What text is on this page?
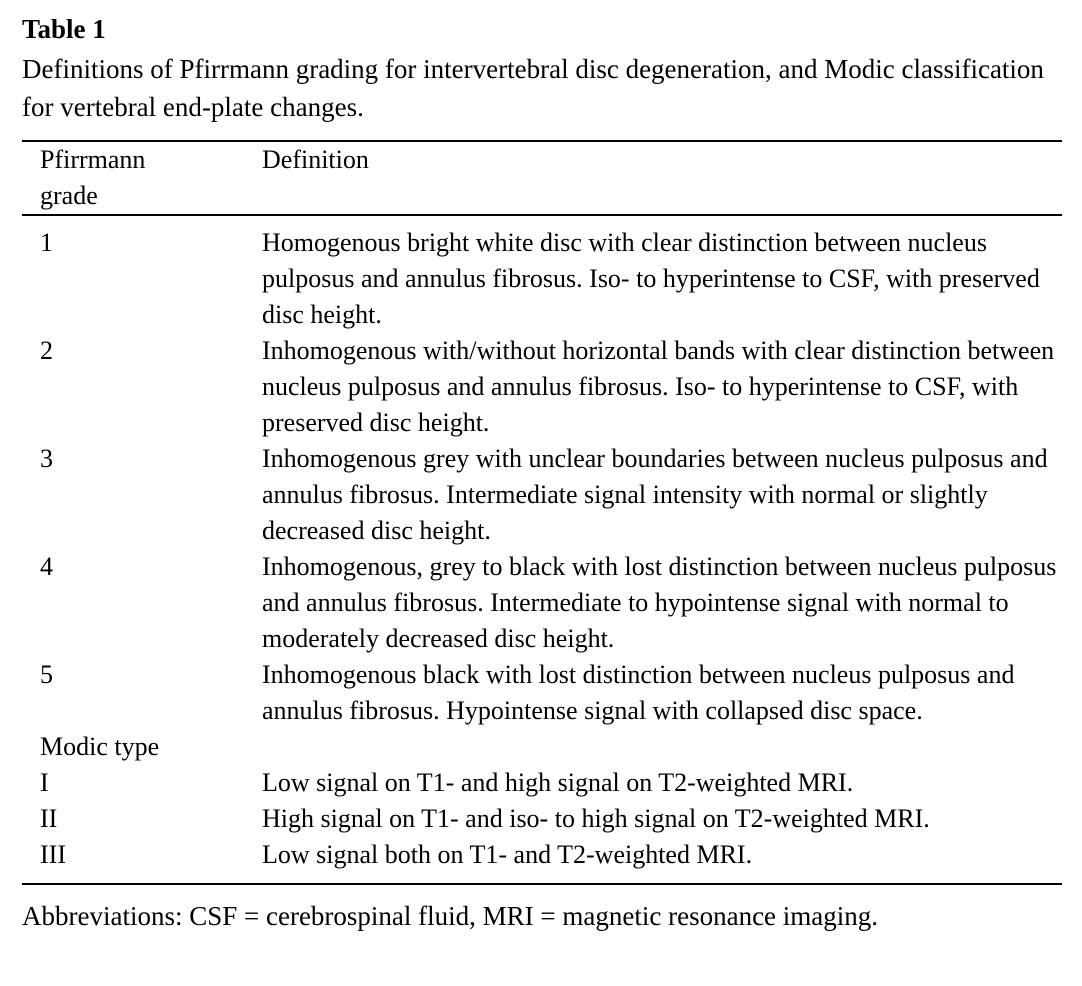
Table 1
Definitions of Pfirrmann grading for intervertebral disc degeneration, and Modic classification for vertebral end-plate changes.
Pfirrmann grade	Definition
1	Homogenous bright white disc with clear distinction between nucleus pulposus and annulus fibrosus. Iso- to hyperintense to CSF, with preserved disc height.
2	Inhomogenous with/without horizontal bands with clear distinction between nucleus pulposus and annulus fibrosus. Iso- to hyperintense to CSF, with preserved disc height.
3	Inhomogenous grey with unclear boundaries between nucleus pulposus and annulus fibrosus. Intermediate signal intensity with normal or slightly decreased disc height.
4	Inhomogenous, grey to black with lost distinction between nucleus pulposus and annulus fibrosus. Intermediate to hypointense signal with normal to moderately decreased disc height.
5	Inhomogenous black with lost distinction between nucleus pulposus and annulus fibrosus. Hypointense signal with collapsed disc space.
Modic type	
I	Low signal on T1- and high signal on T2-weighted MRI.
II	High signal on T1- and iso- to high signal on T2-weighted MRI.
III	Low signal both on T1- and T2-weighted MRI.
Abbreviations: CSF = cerebrospinal fluid, MRI = magnetic resonance imaging.
